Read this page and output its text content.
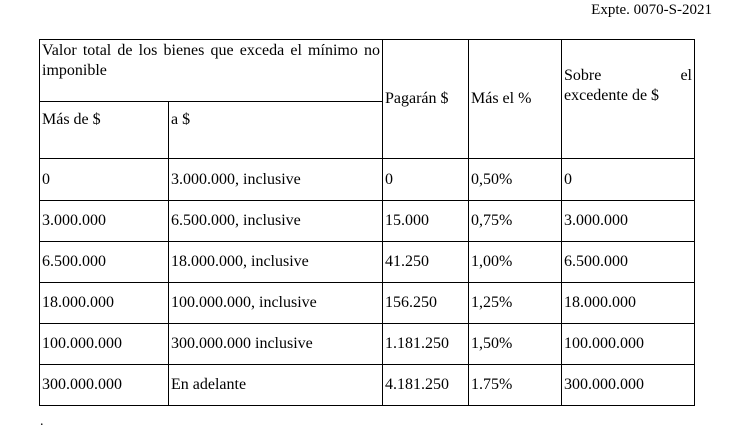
Expte. 0070-S-2021
Valor total de los bienes que exceda el mínimo no imponible		Pagarán $	Más el %	Sobre el
excedente de $

Más de $	a $			
0	3.000.000, inclusive	0	0,50%	0
3.000.000	6.500.000, inclusive	15.000	0,75%	3.000.000
6.500.000	18.000.000, inclusive	41.250	1,00%	6.500.000
18.000.000	100.000.000, inclusive	156.250	1,25%	18.000.000
100.000.000	300.000.000 inclusive	1.181.250	1,50%	100.000.000
300.000.000	En adelante	4.181.250	1.75%	300.000.000
.
